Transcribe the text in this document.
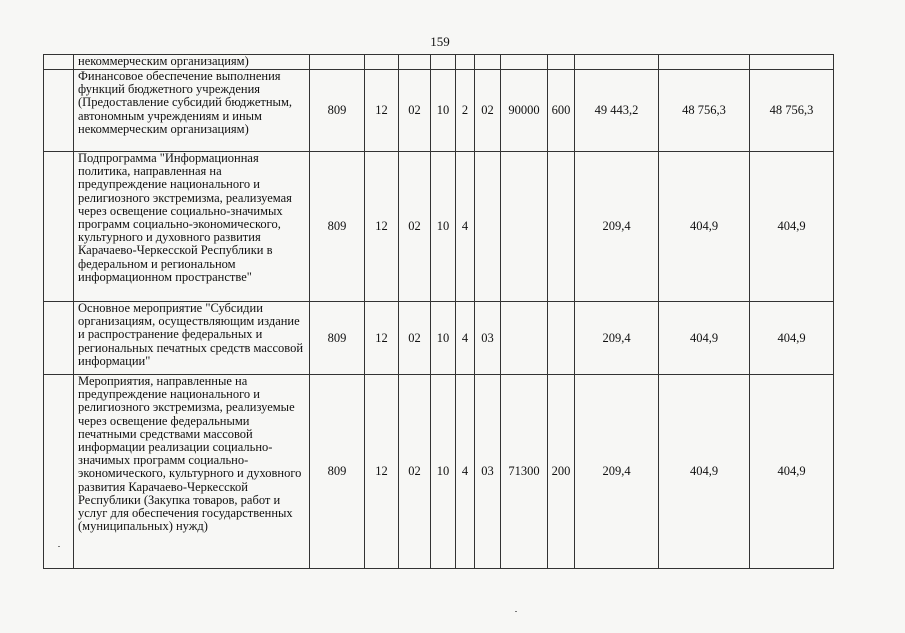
159
	некоммерческим организациям)											
	Финансовое обеспечение выполнения функций бюджетного учреждения (Предоставление субсидий бюджетным, автономным учреждениям и иным некоммерческим организациям)	809	12	02	10	2	02	90000	600	49 443,2	48 756,3	48 756,3
	Подпрограмма "Информационная политика, направленная на предупреждение национального и религиозного экстремизма, реализуемая через освещение социально-значимых программ социально-экономического, культурного и духовного развития Карачаево-Черкесской Республики в федеральном и региональном информационном пространстве"	809	12	02	10	4				209,4	404,9	404,9
	Основное мероприятие "Субсидии организациям, осуществляющим издание и распространение федеральных и региональных печатных средств массовой информации"	809	12	02	10	4	03			209,4	404,9	404,9
	Мероприятия, направленные на предупреждение национального и религиозного экстремизма, реализуемые через освещение федеральными печатными средствами массовой информации реализации социально-значимых программ социально-экономического, культурного и духовного развития Карачаево-Черкесской Республики (Закупка товаров, работ и услуг для обеспечения государственных (муниципальных) нужд)	809	12	02	10	4	03	71300	200	209,4	404,9	404,9
